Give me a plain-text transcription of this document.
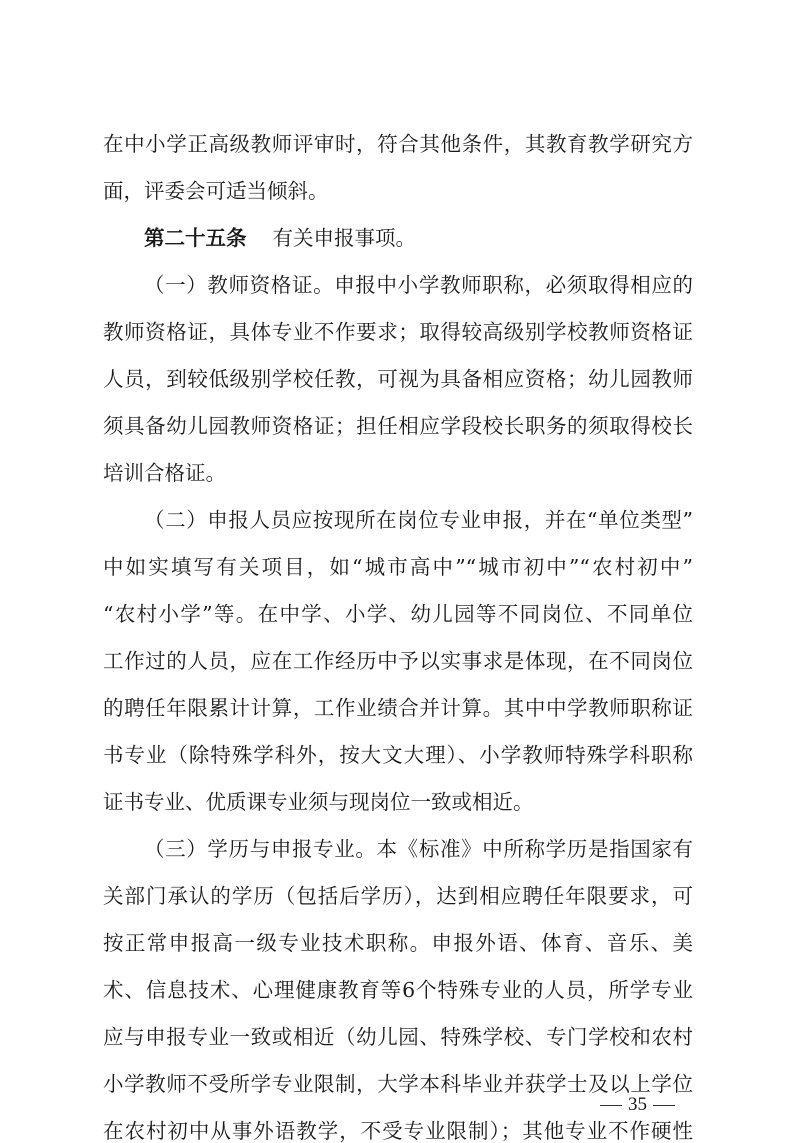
在中小学正高级教师评审时，符合其他条件，其教育教学研究方
面，评委会可适当倾斜。
第二十五条 有关申报事项。
（一）教师资格证。申报中小学教师职称，必须取得相应的
教师资格证，具体专业不作要求；取得较高级别学校教师资格证
人员，到较低级别学校任教，可视为具备相应资格；幼儿园教师
须具备幼儿园教师资格证；担任相应学段校长职务的须取得校长
培训合格证。
（二）申报人员应按现所在岗位专业申报，并在“单位类型”
中如实填写有关项目，如“城市高中”“城市初中”“农村初中”
“农村小学”等。在中学、小学、幼儿园等不同岗位、不同单位
工作过的人员，应在工作经历中予以实事求是体现，在不同岗位
的聘任年限累计计算，工作业绩合并计算。其中中学教师职称证
书专业（除特殊学科外，按大文大理）、小学教师特殊学科职称
证书专业、优质课专业须与现岗位一致或相近。
（三）学历与申报专业。本《标准》中所称学历是指国家有
关部门承认的学历（包括后学历），达到相应聘任年限要求，可
按正常申报高一级专业技术职称。申报外语、体育、音乐、美
术、信息技术、心理健康教育等6个特殊专业的人员，所学专业
应与申报专业一致或相近（幼儿园、特殊学校、专门学校和农村
小学教师不受所学专业限制，大学本科毕业并获学士及以上学位
在农村初中从事外语教学，不受专业限制）；其他专业不作硬性
35
